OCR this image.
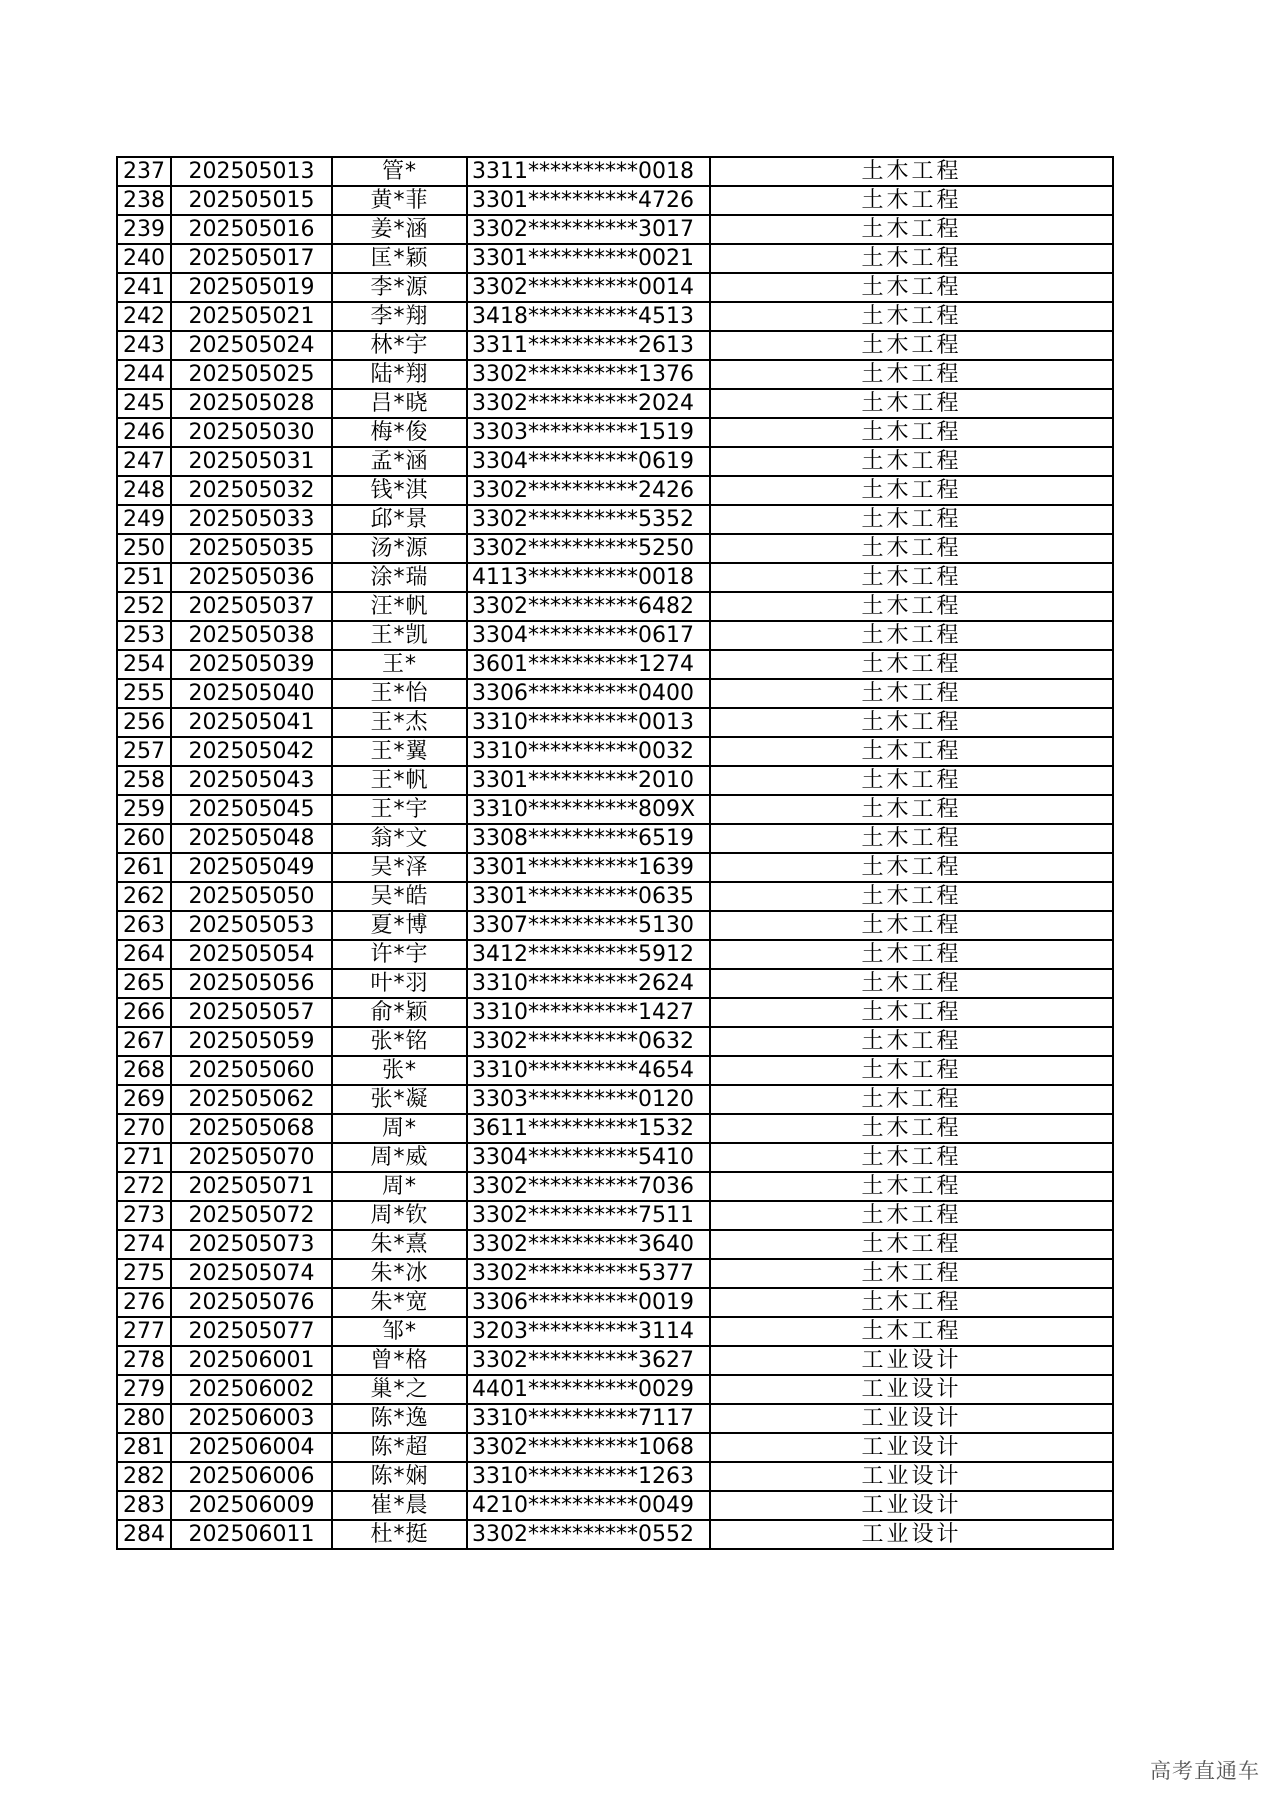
237	202505013	管*	3311**********0018	土木工程
238	202505015	黄*菲	3301**********4726	土木工程
239	202505016	姜*涵	3302**********3017	土木工程
240	202505017	匡*颖	3301**********0021	土木工程
241	202505019	李*源	3302**********0014	土木工程
242	202505021	李*翔	3418**********4513	土木工程
243	202505024	林*宇	3311**********2613	土木工程
244	202505025	陆*翔	3302**********1376	土木工程
245	202505028	吕*晓	3302**********2024	土木工程
246	202505030	梅*俊	3303**********1519	土木工程
247	202505031	孟*涵	3304**********0619	土木工程
248	202505032	钱*淇	3302**********2426	土木工程
249	202505033	邱*景	3302**********5352	土木工程
250	202505035	汤*源	3302**********5250	土木工程
251	202505036	涂*瑞	4113**********0018	土木工程
252	202505037	汪*帆	3302**********6482	土木工程
253	202505038	王*凯	3304**********0617	土木工程
254	202505039	王*	3601**********1274	土木工程
255	202505040	王*怡	3306**********0400	土木工程
256	202505041	王*杰	3310**********0013	土木工程
257	202505042	王*翼	3310**********0032	土木工程
258	202505043	王*帆	3301**********2010	土木工程
259	202505045	王*宇	3310**********809X	土木工程
260	202505048	翁*文	3308**********6519	土木工程
261	202505049	吴*泽	3301**********1639	土木工程
262	202505050	吴*皓	3301**********0635	土木工程
263	202505053	夏*博	3307**********5130	土木工程
264	202505054	许*宇	3412**********5912	土木工程
265	202505056	叶*羽	3310**********2624	土木工程
266	202505057	俞*颖	3310**********1427	土木工程
267	202505059	张*铭	3302**********0632	土木工程
268	202505060	张*	3310**********4654	土木工程
269	202505062	张*凝	3303**********0120	土木工程
270	202505068	周*	3611**********1532	土木工程
271	202505070	周*威	3304**********5410	土木工程
272	202505071	周*	3302**********7036	土木工程
273	202505072	周*钦	3302**********7511	土木工程
274	202505073	朱*熹	3302**********3640	土木工程
275	202505074	朱*冰	3302**********5377	土木工程
276	202505076	朱*宽	3306**********0019	土木工程
277	202505077	邹*	3203**********3114	土木工程
278	202506001	曾*格	3302**********3627	工业设计
279	202506002	巢*之	4401**********0029	工业设计
280	202506003	陈*逸	3310**********7117	工业设计
281	202506004	陈*超	3302**********1068	工业设计
282	202506006	陈*娴	3310**********1263	工业设计
283	202506009	崔*晨	4210**********0049	工业设计
284	202506011	杜*挺	3302**********0552	工业设计
高考直通车
